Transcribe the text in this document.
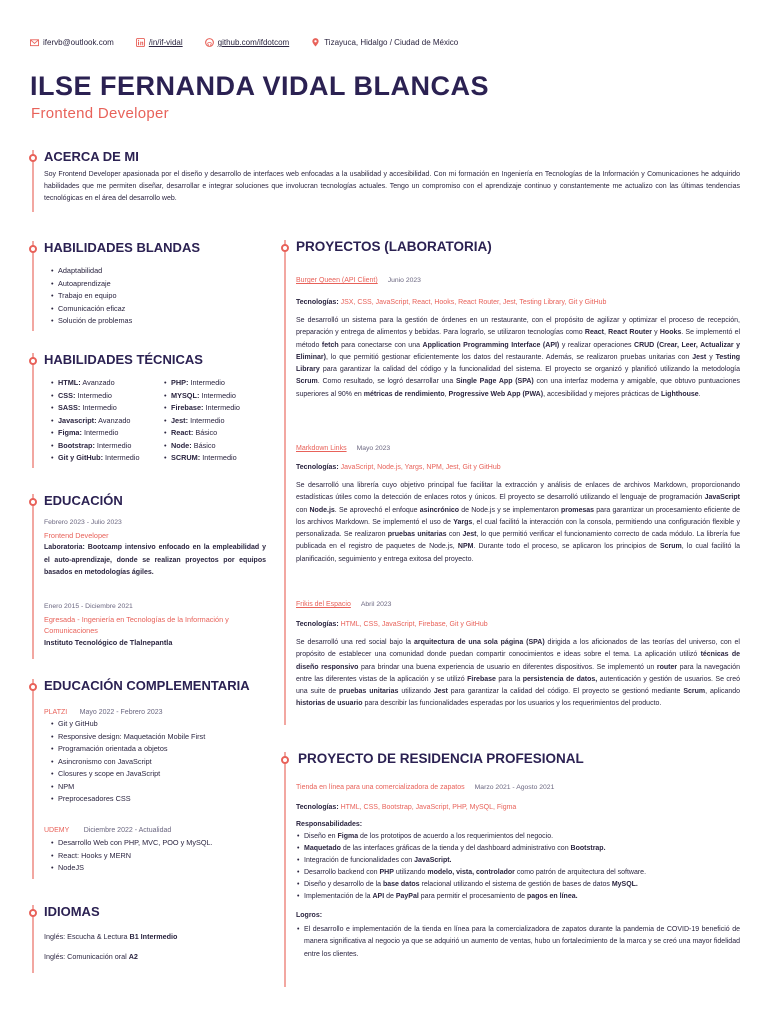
ifervb@outlook.com	/in/if-vidal	github.com/ifdotcom	Tizayuca, Hidalgo / Ciudad de México
ILSE FERNANDA VIDAL BLANCAS
Frontend Developer
ACERCA DE MI
Soy Frontend Developer apasionada por el diseño y desarrollo de interfaces web enfocadas a la usabilidad y accesibilidad. Con mi formación en Ingeniería en Tecnologías de la Información y Comunicaciones he adquirido habilidades que me permiten diseñar, desarrollar e integrar soluciones que involucran tecnologías actuales. Tengo un compromiso con el aprendizaje continuo y constantemente me actualizo con las últimas tendencias tecnológicas en el área del desarrollo web.
HABILIDADES BLANDAS
• Adaptabilidad
• Autoaprendizaje
• Trabajo en equipo
• Comunicación eficaz
• Solución de problemas
HABILIDADES TÉCNICAS
• HTML: Avanzado
• CSS: Intermedio
• SASS: Intermedio
• Javascript: Avanzado
• Figma: Intermedio
• Bootstrap: Intermedio
• Git y GitHub: Intermedio
• PHP: Intermedio
• MYSQL: Intermedio
• Firebase: Intermedio
• Jest: Intermedio
• React: Básico
• Node: Básico
• SCRUM: Intermedio
EDUCACIÓN
Febrero 2023 - Julio 2023
Frontend Developer
Laboratoria: Bootcamp intensivo enfocado en la empleabilidad y el auto-aprendizaje, donde se realizan proyectos por equipos basados en metodologías ágiles.
Enero 2015 - Diciembre 2021
Egresada - Ingeniería en Tecnologías de la Información y Comunicaciones
Instituto Tecnológico de Tlalnepantla
EDUCACIÓN COMPLEMENTARIA
PLATZI Mayo 2022 - Febrero 2023
• Git y GitHub
• Responsive design: Maquetación Mobile First
• Programación orientada a objetos
• Asincronismo con JavaScript
• Closures y scope en JavaScript
• NPM
• Preprocesadores CSS
UDEMY Diciembre 2022 - Actualidad
• Desarrollo Web con PHP, MVC, POO y MySQL.
• React: Hooks y MERN
• NodeJS
IDIOMAS
Inglés: Escucha & Lectura B1 Intermedio
Inglés: Comunicación oral A2
PROYECTOS (LABORATORIA)
Burger Queen (API Client) Junio 2023
Tecnologías: JSX, CSS, JavaScript, React, Hooks, React Router, Jest, Testing Library, Git y GitHub
Se desarrolló un sistema para la gestión de órdenes en un restaurante, con el propósito de agilizar y optimizar el proceso de recepción, preparación y entrega de alimentos y bebidas. Para lograrlo, se utilizaron tecnologías como React, React Router y Hooks. Se implementó el método fetch para conectarse con una Application Programming Interface (API) y realizar operaciones CRUD (Crear, Leer, Actualizar y Eliminar), lo que permitió gestionar eficientemente los datos del restaurante. Además, se realizaron pruebas unitarias con Jest y Testing Library para garantizar la calidad del código y la funcionalidad del sistema. El proyecto se organizó y planificó utilizando la metodología Scrum. Como resultado, se logró desarrollar una Single Page App (SPA) con una interfaz moderna y amigable, que obtuvo puntuaciones superiores al 90% en métricas de rendimiento, Progressive Web App (PWA), accesibilidad y mejores prácticas de Lighthouse.
Markdown Links Mayo 2023
Tecnologías: JavaScript, Node.js, Yargs, NPM, Jest, Git y GitHub
Se desarrolló una librería cuyo objetivo principal fue facilitar la extracción y análisis de enlaces de archivos Markdown, proporcionando estadísticas útiles como la detección de enlaces rotos y únicos. El proyecto se desarrolló utilizando el lenguaje de programación JavaScript con Node.js. Se aprovechó el enfoque asincrónico de Node.js y se implementaron promesas para garantizar un procesamiento eficiente de los archivos Markdown. Se implementó el uso de Yargs, el cual facilitó la interacción con la consola, permitiendo una configuración flexible y personalizada. Se realizaron pruebas unitarias con Jest, lo que permitió verificar el funcionamiento correcto de cada módulo. La librería fue publicada en el registro de paquetes de Node.js, NPM. Durante todo el proceso, se aplicaron los principios de Scrum, lo cual facilitó la planificación, seguimiento y entrega exitosa del proyecto.
Frikis del Espacio Abril 2023
Tecnologías: HTML, CSS, JavaScript, Firebase, Git y GitHub
Se desarrolló una red social bajo la arquitectura de una sola página (SPA) dirigida a los aficionados de las teorías del universo, con el propósito de establecer una comunidad donde puedan compartir conocimientos e ideas sobre el tema. La aplicación utilizó técnicas de diseño responsivo para brindar una buena experiencia de usuario en diferentes dispositivos. Se implementó un router para la navegación entre las diferentes vistas de la aplicación y se utilizó Firebase para la persistencia de datos, autenticación y gestión de usuarios. Se creó una suite de pruebas unitarias utilizando Jest para garantizar la calidad del código. El proyecto se gestionó mediante Scrum, aplicando historias de usuario para describir las funcionalidades esperadas por los usuarios y los requerimientos del producto.
PROYECTO DE RESIDENCIA PROFESIONAL
Tienda en línea para una comercializadora de zapatos Marzo 2021 - Agosto 2021
Tecnologías: HTML, CSS, Bootstrap, JavaScript, PHP, MySQL, Figma
Responsabilidades:
• Diseño en Figma de los prototipos de acuerdo a los requerimientos del negocio.
• Maquetado de las interfaces gráficas de la tienda y del dashboard administrativo con Bootstrap.
• Integración de funcionalidades con JavaScript.
• Desarrollo backend con PHP utilizando modelo, vista, controlador como patrón de arquitectura del software.
• Diseño y desarrollo de la base datos relacional utilizando el sistema de gestión de bases de datos MySQL.
• Implementación de la API de PayPal para permitir el procesamiento de pagos en línea.
Logros:
• El desarrollo e implementación de la tienda en línea para la comercializadora de zapatos durante la pandemia de COVID-19 benefició de manera significativa al negocio ya que se adquirió un aumento de ventas, hubo un fortalecimiento de la marca y se creó una mayor fidelidad entre los clientes.
